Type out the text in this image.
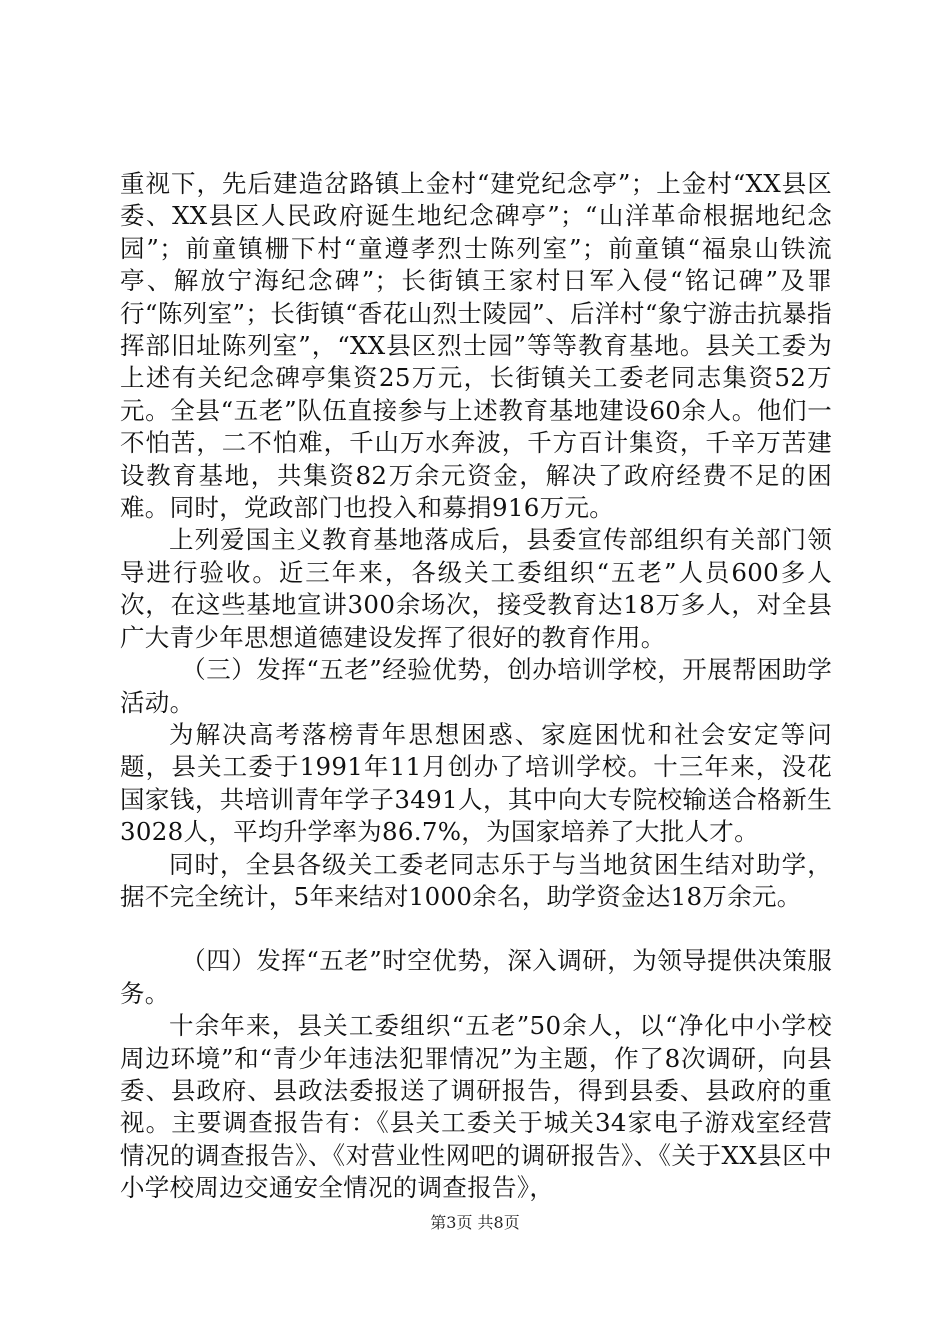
重视下，先后建造岔路镇上金村“建党纪念亭”；上金村“XX县区委、XX县区人民政府诞生地纪念碑亭”；“山洋革命根据地纪念园”；前童镇栅下村“童遵孝烈士陈列室”；前童镇“福泉山铁流亭、解放宁海纪念碑”；长街镇王家村日军入侵“铭记碑”及罪行“陈列室”；长街镇“香花山烈士陵园”、后洋村“象宁游击抗暴指挥部旧址陈列室”，“XX县区烈士园”等等教育基地。县关工委为上述有关纪念碑亭集资25万元，长街镇关工委老同志集资52万元。全县“五老”队伍直接参与上述教育基地建设60余人。他们一不怕苦，二不怕难，千山万水奔波，千方百计集资，千辛万苦建设教育基地，共集资82万余元资金，解决了政府经费不足的困难。同时，党政部门也投入和募捐916万元。

上列爱国主义教育基地落成后，县委宣传部组织有关部门领导进行验收。近三年来，各级关工委组织“五老”人员600多人次，在这些基地宣讲300余场次，接受教育达18万多人，对全县广大青少年思想道德建设发挥了很好的教育作用。

（三）发挥“五老”经验优势，创办培训学校，开展帮困助学活动。

为解决高考落榜青年思想困惑、家庭困忧和社会安定等问题，县关工委于1991年11月创办了培训学校。十三年来，没花国家钱，共培训青年学子3491人，其中向大专院校输送合格新生3028人，平均升学率为86.7%，为国家培养了大批人才。

同时，全县各级关工委老同志乐于与当地贫困生结对助学，据不完全统计，5年来结对1000余名，助学资金达18万余元。

（四）发挥“五老”时空优势，深入调研，为领导提供决策服务。

十余年来，县关工委组织“五老”50余人，以“净化中小学校周边环境”和“青少年违法犯罪情况”为主题，作了8次调研，向县委、县政府、县政法委报送了调研报告，得到县委、县政府的重视。主要调查报告有：《县关工委关于城关34家电子游戏室经营情况的调查报告》、《对营业性网吧的调研报告》、《关于XX县区中小学校周边交通安全情况的调查报告》，

第3页 共8页
